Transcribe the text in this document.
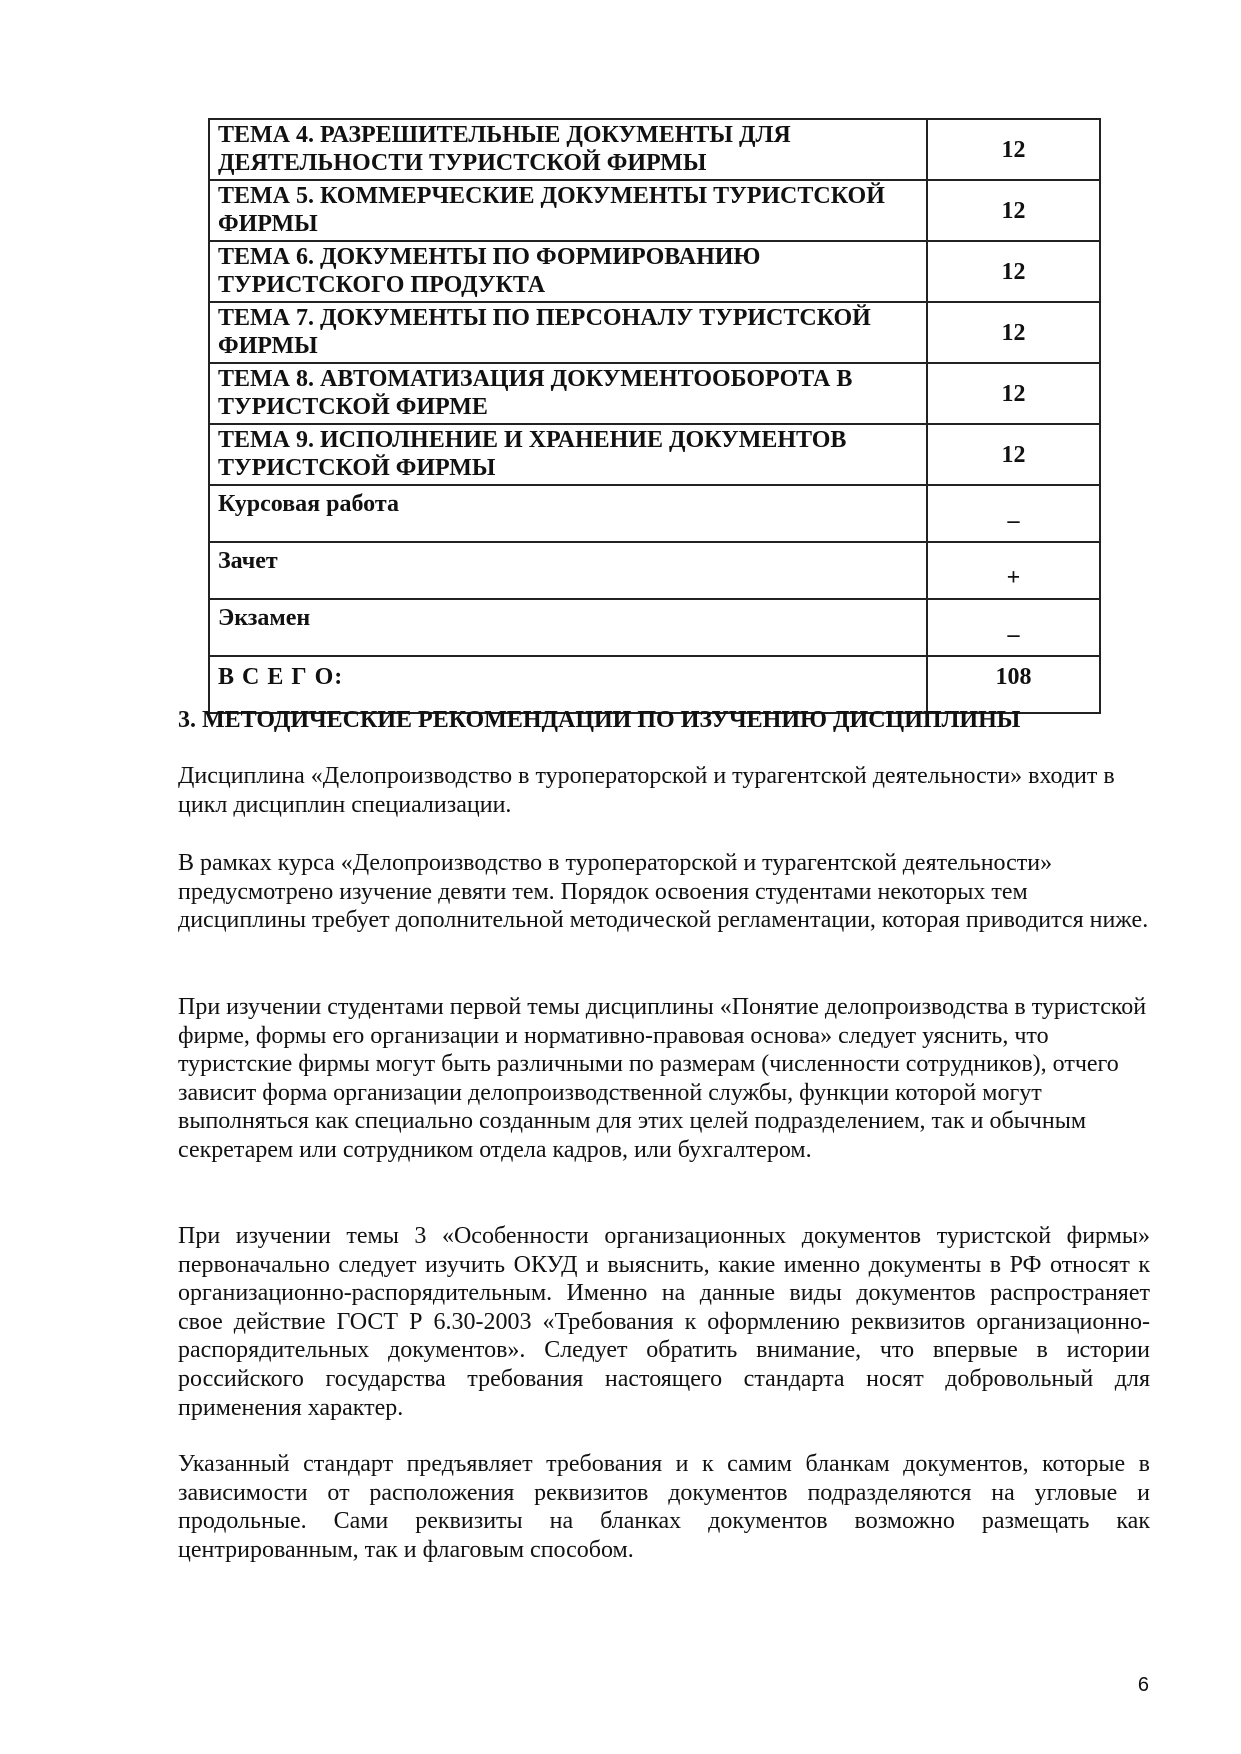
ТЕМА 4. РАЗРЕШИТЕЛЬНЫЕ ДОКУМЕНТЫ ДЛЯ ДЕЯТЕЛЬНОСТИ ТУРИСТСКОЙ ФИРМЫ	12
ТЕМА 5. КОММЕРЧЕСКИЕ ДОКУМЕНТЫ ТУРИСТСКОЙ ФИРМЫ	12
ТЕМА 6. ДОКУМЕНТЫ ПО ФОРМИРОВАНИЮ ТУРИСТСКОГО ПРОДУКТА	12
ТЕМА 7. ДОКУМЕНТЫ ПО ПЕРСОНАЛУ ТУРИСТСКОЙ ФИРМЫ	12
ТЕМА 8. АВТОМАТИЗАЦИЯ ДОКУМЕНТООБОРОТА В ТУРИСТСКОЙ ФИРМЕ	12
ТЕМА 9. ИСПОЛНЕНИЕ И ХРАНЕНИЕ ДОКУМЕНТОВ ТУРИСТСКОЙ ФИРМЫ	12
Курсовая работа	–
Зачет	+
Экзамен	–
В С Е Г О:	108
3. МЕТОДИЧЕСКИЕ РЕКОМЕНДАЦИИ ПО ИЗУЧЕНИЮ ДИСЦИПЛИНЫ

Дисциплина «Делопроизводство в туроператорской и турагентской деятельности» входит в цикл дисциплин специализации.

В рамках курса «Делопроизводство в туроператорской и турагентской деятельности» предусмотрено изучение девяти тем. Порядок освоения студентами некоторых тем дисциплины требует дополнительной методической регламентации, которая приводится ниже.

При изучении студентами первой темы дисциплины «Понятие делопроизводства в туристской фирме, формы его организации и нормативно-правовая основа» следует уяснить, что туристские фирмы могут быть различными по размерам (численности сотрудников), отчего зависит форма организации делопроизводственной службы, функции которой могут выполняться как специально созданным для этих целей подразделением, так и обычным секретарем или сотрудником отдела кадров, или бухгалтером.

При изучении темы 3 «Особенности организационных документов туристской фирмы» первоначально следует изучить ОКУД и выяснить, какие именно документы в РФ относят к организационно-распорядительным. Именно на данные виды документов распространяет свое действие ГОСТ Р 6.30-2003 «Требования к оформлению реквизитов организационно-распорядительных документов». Следует обратить внимание, что впервые в истории российского государства требования настоящего стандарта носят добровольный для применения характер.

Указанный стандарт предъявляет требования и к самим бланкам документов, которые в зависимости от расположения реквизитов документов подразделяются на угловые и продольные. Сами реквизиты на бланках документов возможно размещать как центрированным, так и флаговым способом.

6
